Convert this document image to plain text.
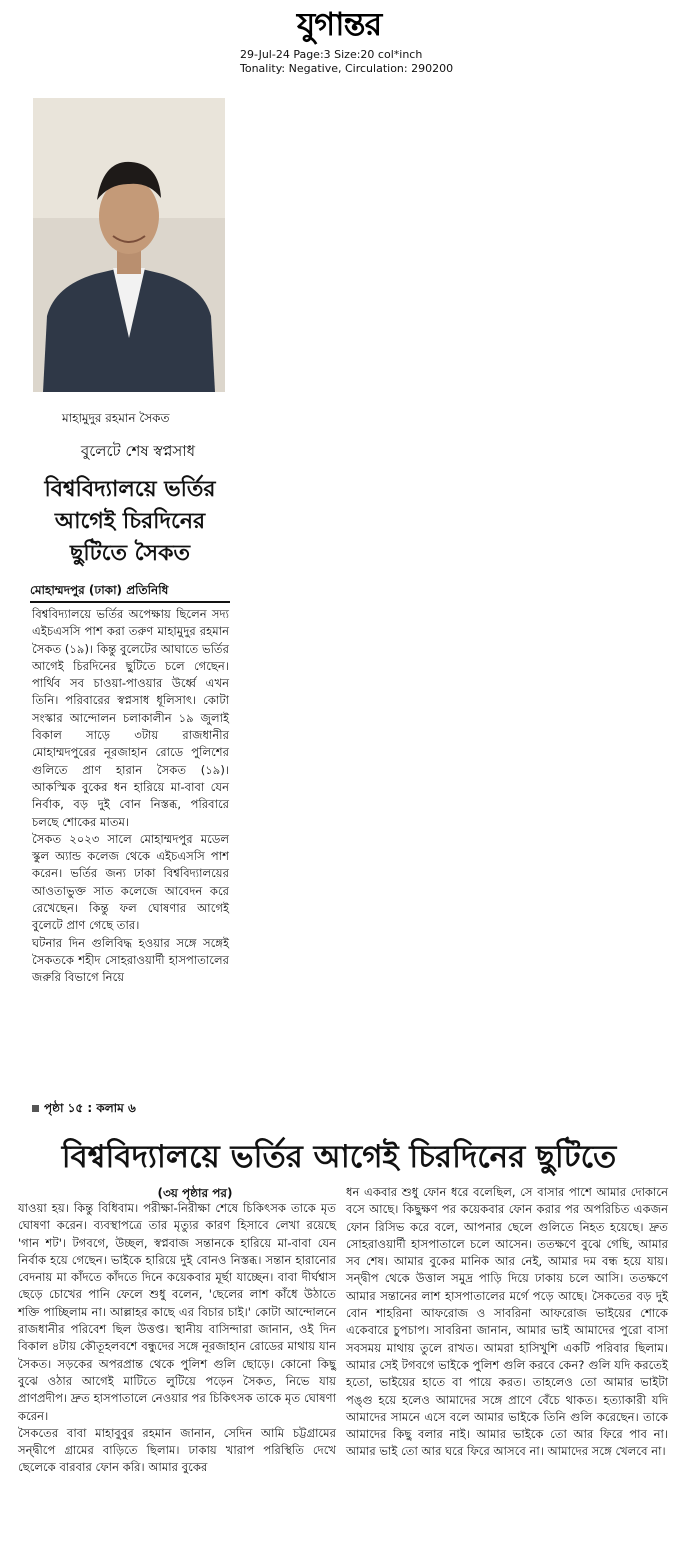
যুগান্তর
29-Jul-24 Page:3 Size:20 col*inch
Tonality: Negative, Circulation: 290200
মাহামুদুর রহমান সৈকত
বুলেটে শেষ স্বপ্নসাধ
বিশ্ববিদ্যালয়ে ভর্তির আগেই চিরদিনের ছুটিতে সৈকত
মোহাম্মদপুর (ঢাকা) প্রতিনিধি

বিশ্ববিদ্যালয়ে ভর্তির অপেক্ষায় ছিলেন সদ্য এইচএসসি পাশ করা তরুণ মাহামুদুর রহমান সৈকত (১৯)। কিন্তু বুলেটের আঘাতে ভর্তির আগেই চিরদিনের ছুটিতে চলে গেছেন। পার্থিব সব চাওয়া-পাওয়ার উর্ধ্বে এখন তিনি। পরিবারের স্বপ্নসাধ ধূলিসাৎ। কোটা সংস্কার আন্দোলন চলাকালীন ১৯ জুলাই বিকাল সাড়ে ৩টায় রাজধানীর মোহাম্মদপুরের নূরজাহান রোডে পুলিশের গুলিতে প্রাণ হারান সৈকত (১৯)। আকস্মিক বুকের ধন হারিয়ে মা-বাবা যেন নির্বাক, বড় দুই বোন নিস্তব্ধ, পরিবারে চলছে শোকের মাতম।

সৈকত ২০২৩ সালে মোহাম্মদপুর মডেল স্কুল অ্যান্ড কলেজ থেকে এইচএসসি পাশ করেন। ভর্তির জন্য ঢাকা বিশ্ববিদ্যালয়ের আওতাভুক্ত সাত কলেজে আবেদন করে রেখেছেন। কিন্তু ফল ঘোষণার আগেই বুলেটে প্রাণ গেছে তার।

ঘটনার দিন গুলিবিদ্ধ হওয়ার সঙ্গে সঙ্গেই সৈকতকে শহীদ সোহরাওয়ার্দী হাসপাতালের জরুরি বিভাগে নিয়ে

পৃষ্ঠা ১৫ : কলাম ৬
বিশ্ববিদ্যালয়ে ভর্তির আগেই চিরদিনের ছুটিতে
(৩য় পৃষ্ঠার পর)

যাওয়া হয়। কিন্তু বিধিবাম। পরীক্ষা-নিরীক্ষা শেষে চিকিৎসক তাকে মৃত ঘোষণা করেন। ব্যবস্থাপত্রে তার মৃত্যুর কারণ হিসাবে লেখা রয়েছে 'গান শট'। টগবগে, উচ্ছল, স্বপ্নবাজ সন্তানকে হারিয়ে মা-বাবা যেন নির্বাক হয়ে গেছেন। ভাইকে হারিয়ে দুই বোনও নিস্তব্ধ। সন্তান হারানোর বেদনায় মা কাঁদতে কাঁদতে দিনে কয়েকবার মূর্ছা যাচ্ছেন। বাবা দীর্ঘশ্বাস ছেড়ে চোখের পানি ফেলে শুধু বলেন, 'ছেলের লাশ কাঁধে উঠাতে শক্তি পাচ্ছিলাম না। আল্লাহর কাছে এর বিচার চাই।' কোটা আন্দোলনে রাজধানীর পরিবেশ ছিল উত্তপ্ত। স্থানীয় বাসিন্দারা জানান, ওই দিন বিকাল ৪টায় কৌতূহলবশে বন্ধুদের সঙ্গে নূরজাহান রোডের মাথায় যান সৈকত। সড়কের অপরপ্রান্ত থেকে পুলিশ গুলি ছোড়ে। কোনো কিছু বুঝে ওঠার আগেই মাটিতে লুটিয়ে পড়েন সৈকত, নিভে যায় প্রাণপ্রদীপ। দ্রুত হাসপাতালে নেওয়ার পর চিকিৎসক তাকে মৃত ঘোষণা করেন।

সৈকতের বাবা মাহাবুবুর রহমান জানান, সেদিন আমি চট্টগ্রামের সন্দ্বীপে গ্রামের বাড়িতে ছিলাম। ঢাকায় খারাপ পরিস্থিতি দেখে ছেলেকে বারবার ফোন করি। আমার বুকের

ধন একবার শুধু ফোন ধরে বলেছিল, সে বাসার পাশে আমার দোকানে বসে আছে। কিছুক্ষণ পর কয়েকবার ফোন করার পর অপরিচিত একজন ফোন রিসিভ করে বলে, আপনার ছেলে গুলিতে নিহত হয়েছে। দ্রুত সোহরাওয়ার্দী হাসপাতালে চলে আসেন। ততক্ষণে বুঝে গেছি, আমার সব শেষ। আমার বুকের মানিক আর নেই, আমার দম বন্ধ হয়ে যায়। সন্দ্বীপ থেকে উত্তাল সমুদ্র পাড়ি দিয়ে ঢাকায় চলে আসি। ততক্ষণে আমার সন্তানের লাশ হাসপাতালের মর্গে পড়ে আছে। সৈকতের বড় দুই বোন শাহরিনা আফরোজ ও সাবরিনা আফরোজ ভাইয়ের শোকে একেবারে চুপচাপ। সাবরিনা জানান, আমার ভাই আমাদের পুরো বাসা সবসময় মাথায় তুলে রাখত। আমরা হাসিখুশি একটি পরিবার ছিলাম। আমার সেই টগবগে ভাইকে পুলিশ গুলি করবে কেন? গুলি যদি করতেই হতো, ভাইয়ের হাতে বা পায়ে করত। তাহলেও তো আমার ভাইটা পঙ্গু হয়ে হলেও আমাদের সঙ্গে প্রাণে বেঁচে থাকত। হত্যাকারী যদি আমাদের সামনে এসে বলে আমার ভাইকে তিনি গুলি করেছেন। তাকে আমাদের কিছু বলার নাই। আমার ভাইকে তো আর ফিরে পাব না। আমার ভাই তো আর ঘরে ফিরে আসবে না। আমাদের সঙ্গে খেলবে না।
